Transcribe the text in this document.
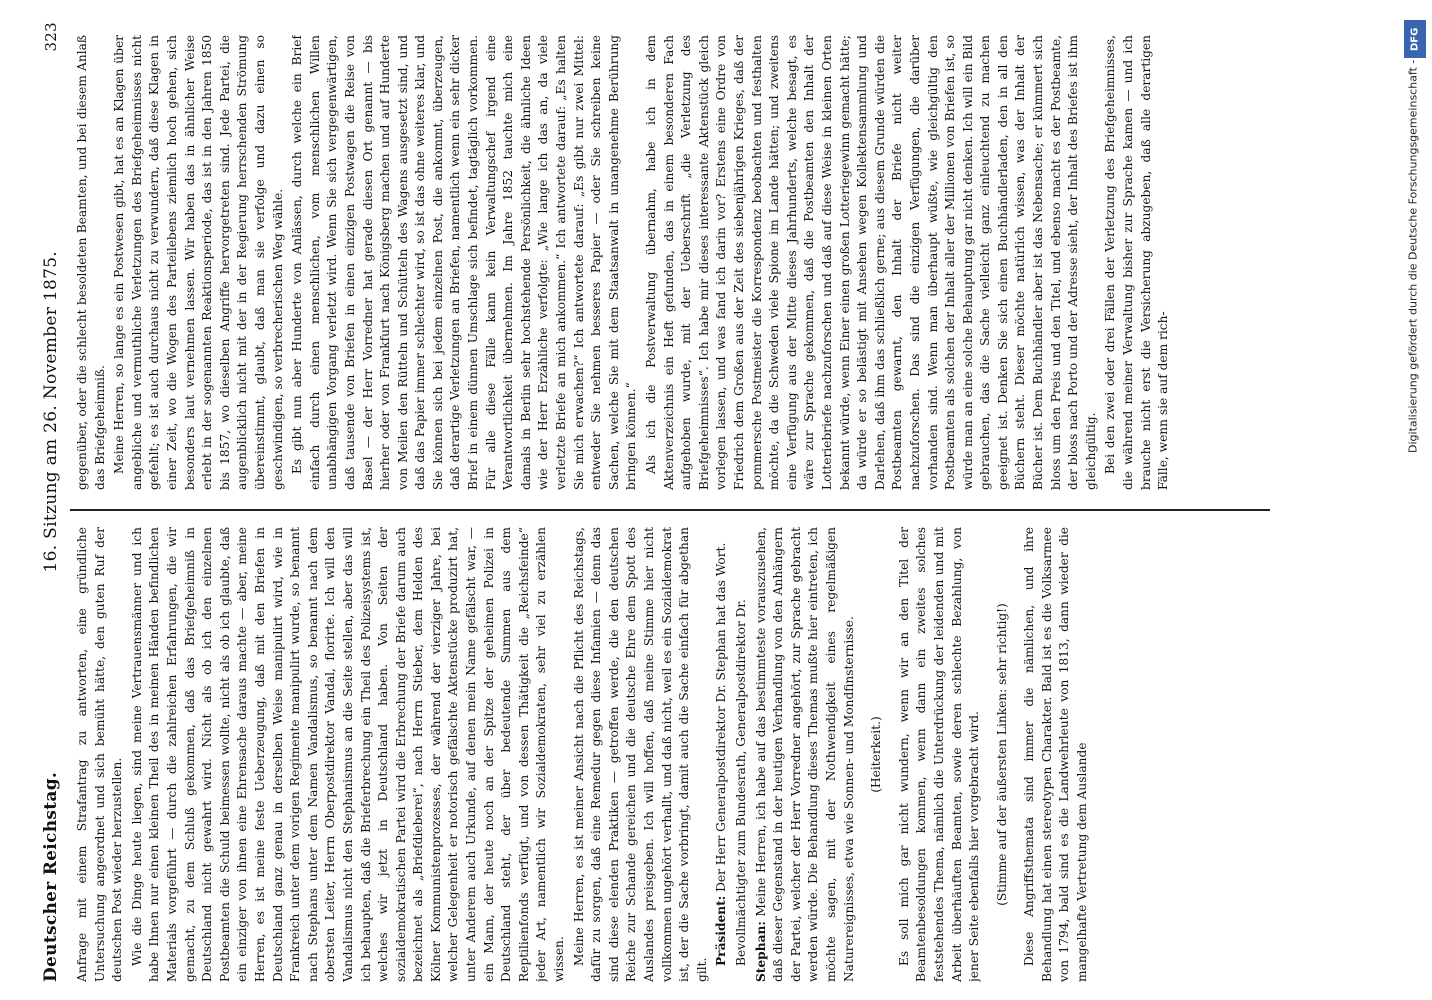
Deutscher Reichstag.
16. Sitzung am 26. November 1875.
323

Anfrage mit einem Strafantrag zu antworten, eine gründliche Untersuchung angeordnet und sich bemüht hätte, den guten Ruf der deutschen Post wieder herzustellen. Wie die Dinge heute liegen, sind meine Vertrauensmänner und ich habe Ihnen nur einen kleinen Theil des in meinen Händen befindlichen Materials vorgeführt — durch die zahlreichen Erfahrungen, die wir gemacht, zu dem Schluß gekommen, daß das Briefgeheimniß in Deutschland nicht gewahrt wird. Nicht als ob ich den einzelnen Postbeamten die Schuld beimessen wollte, nicht als ob ich glaubte, daß ein einziger von ihnen eine Ehrensache daraus machte — aber, meine Herren, es ist meine feste Ueberzeugung, daß mit den Briefen in Deutschland ganz genau in derselben Weise manipulirt wird, wie in Frankreich unter dem vorigen Regimente manipulirt wurde, so benannt nach Stephans unter dem Namen Vandalismus, so benannt nach dem obersten Leiter, Herrn Oberpostdirektor Vandal, florirte. Ich will den Vandalismus nicht den Stephanismus an die Seite stellen, aber das will ich behaupten, daß die Brieferbrechung ein Theil des Polizeisystems ist, welches wir jetzt in Deutschland haben. Von Seiten der sozialdemokratischen Partei wird die Erbrechung der Briefe darum auch bezeichnet als „Briefdieberei“, nach Herrn Stieber, dem Helden des Kölner Kommunistenprozesses, der während der vierziger Jahre, bei welcher Gelegenheit er notorisch gefälschte Aktenstücke produzirt hat, unter Anderem auch Urkunde, auf denen mein Name gefälscht war, — ein Mann, der heute noch an der Spitze der geheimen Polizei in Deutschland steht, der über bedeutende Summen aus dem Reptilienfonds verfügt, und von dessen Thätigkeit die „Reichsfeinde“ jeder Art, namentlich wir Sozialdemokraten, sehr viel zu erzählen wissen. Meine Herren, es ist meiner Ansicht nach die Pflicht des Reichstags, dafür zu sorgen, daß eine Remedur gegen diese Infamien — denn das sind diese elenden Praktiken — getroffen werde, die den deutschen Reiche zur Schande gereichen und die deutsche Ehre dem Spott des Auslandes preisgeben. Ich will hoffen, daß meine Stimme hier nicht vollkommen ungehört verhallt, und daß nicht, weil es ein Sozialdemokrat ist, der die Sache vorbringt, damit auch die Sache einfach für abgethan gilt.

Präsident: Der Herr Generalpostdirektor Dr. Stephan hat das Wort. Bevollmächtigter zum Bundesrath, Generalpostdirektor Dr. Stephan: Meine Herren, ich habe auf das bestimmteste vorauszusehen, daß dieser Gegenstand in der heutigen Verhandlung von den Anhängern der Partei, welcher der Herr Vorredner angehört, zur Sprache gebracht werden würde. Die Behandlung dieses Themas mußte hier eintreten, ich möchte sagen, mit der Nothwendigkeit eines regelmäßigen Naturereignisses, etwa wie Sonnen- und Mondfinsternisse. (Heiterkeit.) Es soll mich gar nicht wundern, wenn wir an den Titel der Beamtenbesoldungen kommen, wenn dann ein zweites solches feststehendes Thema, nämlich die Unterdrückung der leidenden und mit Arbeit überhäuften Beamten, sowie deren schlechte Bezahlung, von jener Seite ebenfalls hier vorgebracht wird. (Stimme auf der äußersten Linken: sehr richtig!) Diese Angriffsthemata sind immer die nämlichen, und ihre Behandlung hat einen stereotypen Charakter. Bald ist es die Volksarmee von 1794, bald sind es die Landwehrleute von 1813, dann wieder die mangelhafte Vertretung dem Auslande

gegenüber, oder die schlecht besoldeten Beamten, und bei diesem Anlaß das Briefgeheimniß. Meine Herren, so lange es ein Postwesen gibt, hat es an Klagen über angebliche und vermuthliche Verletzungen des Briefgeheimnisses nicht gefehlt; es ist auch durchaus nicht zu verwundern, daß diese Klagen in einer Zeit, wo die Wogen des Parteilebens ziemlich hoch gehen, sich besonders laut vernehmen lassen. Wir haben das in ähnlicher Weise erlebt in der sogenannten Reaktionsperiode, das ist in den Jahren 1850 bis 1857, wo dieselben Angriffe hervorgetreten sind. Jede Partei, die augenblicklich nicht mit der in der Regierung herrschenden Strömung übereinstimmt, glaubt, daß man sie verfolge und dazu einen so geschwindigen, so verbrecherischen Weg wähle. Es gibt nun aber Hunderte von Anlässen, durch welche ein Brief einfach durch einen menschlichen, vom menschlichen Willen unabhängigen Vorgang verletzt wird. Wenn Sie sich vergegenwärtigen, daß tausende von Briefen in einen einzigen Postwagen die Reise von Basel — der Herr Vorredner hat gerade diesen Ort genannt — bis hierher oder von Frankfurt nach Königsberg machen und auf Hunderte von Meilen den Rütteln und Schütteln des Wagens ausgesetzt sind, und daß das Papier immer schlechter wird, so ist das ohne weiteres klar, und Sie können sich bei jedem einzelnen Post, die ankommt, überzeugen, daß derartige Verletzungen an Briefen, namentlich wenn ein sehr dicker Brief in einem dünnen Umschlage sich befindet, tagtäglich vorkommen. Für alle diese Fälle kann kein Verwaltungschef irgend eine Verantwortlichkeit übernehmen. Im Jahre 1852 tauchte mich eine damals in Berlin sehr hochstehende Persönlichkeit, die ähnliche Ideen wie der Herr Erzähliche verfolgte: „Wie lange ich das an, da viele verletzte Briefe an mich ankommen.“ Ich antwortete darauf: „Es halten Sie mich erwachen?“ Ich antwortete darauf: „Es gibt nur zwei Mittel: entweder Sie nehmen besseres Papier — oder Sie schreiben keine Sachen, welche Sie mit dem Staatsanwalt in unangenehme Berührung bringen können.“ Als ich die Postverwaltung übernahm, habe ich in dem Aktenverzeichnis ein Heft gefunden, das in einem besonderen Fach aufgehoben wurde, mit der Ueberschrift „die Verletzung des Briefgeheimnisses“. Ich habe mir dieses interessante Aktenstück gleich vorlegen lassen, und was fand ich darin vor? Erstens eine Ordre von Friedrich dem Großen aus der Zeit des siebenjährigen Krieges, daß der pommersche Postmeister die Korrespondenz beobachten und festhalten möchte, da die Schweden viele Spione im Lande hätten; und zweitens eine Verfügung aus der Mitte dieses Jahrhunderts, welche besagt, es wäre zur Sprache gekommen, daß die Postbeamten den Inhalt der Lotteriebriefe nachzuforschen und daß auf diese Weise in kleinen Orten bekannt würde, wenn Einer einen großen Lotteriegewinn gemacht hätte; da würde er so belästigt mit Ansehen wegen Kollektensammlung und Darlehen, daß ihm das schließlich gerne; aus diesem Grunde würden die Postbeamten gewarnt, den Inhalt der Briefe nicht weiter nachzuforschen. Das sind die einzigen Verfügungen, die darüber vorhanden sind. Wenn man überhaupt wüßte, wie gleichgültig den Postbeamten als solchen der Inhalt aller der Millionen von Briefen ist, so würde man an eine solche Behauptung gar nicht denken. Ich will ein Bild gebrauchen, das die Sache vielleicht ganz einleuchtend zu machen geeignet ist. Denken Sie sich einen Buchhändlerladen, den in all den Büchern steht. Dieser möchte natürlich wissen, was der Inhalt der Bücher ist. Dem Buchhändler aber ist das Nebensache; er kümmert sich bloss um den Preis und den Titel, und ebenso macht es der Postbeamte, der bloss nach Porto und der Adresse sieht, der Inhalt des Briefes ist ihm gleichgültig. Bei den zwei oder drei Fällen der Verletzung des Briefgeheimnisses, die während meiner Verwaltung bisher zur Sprache kamen — und ich brauche nicht erst die Versicherung abzugeben, daß alle derartigen Fälle, wenn sie auf dem rich-

DFG
Digitalisierung gefördert durch die Deutsche Forschungsgemeinschaft -
